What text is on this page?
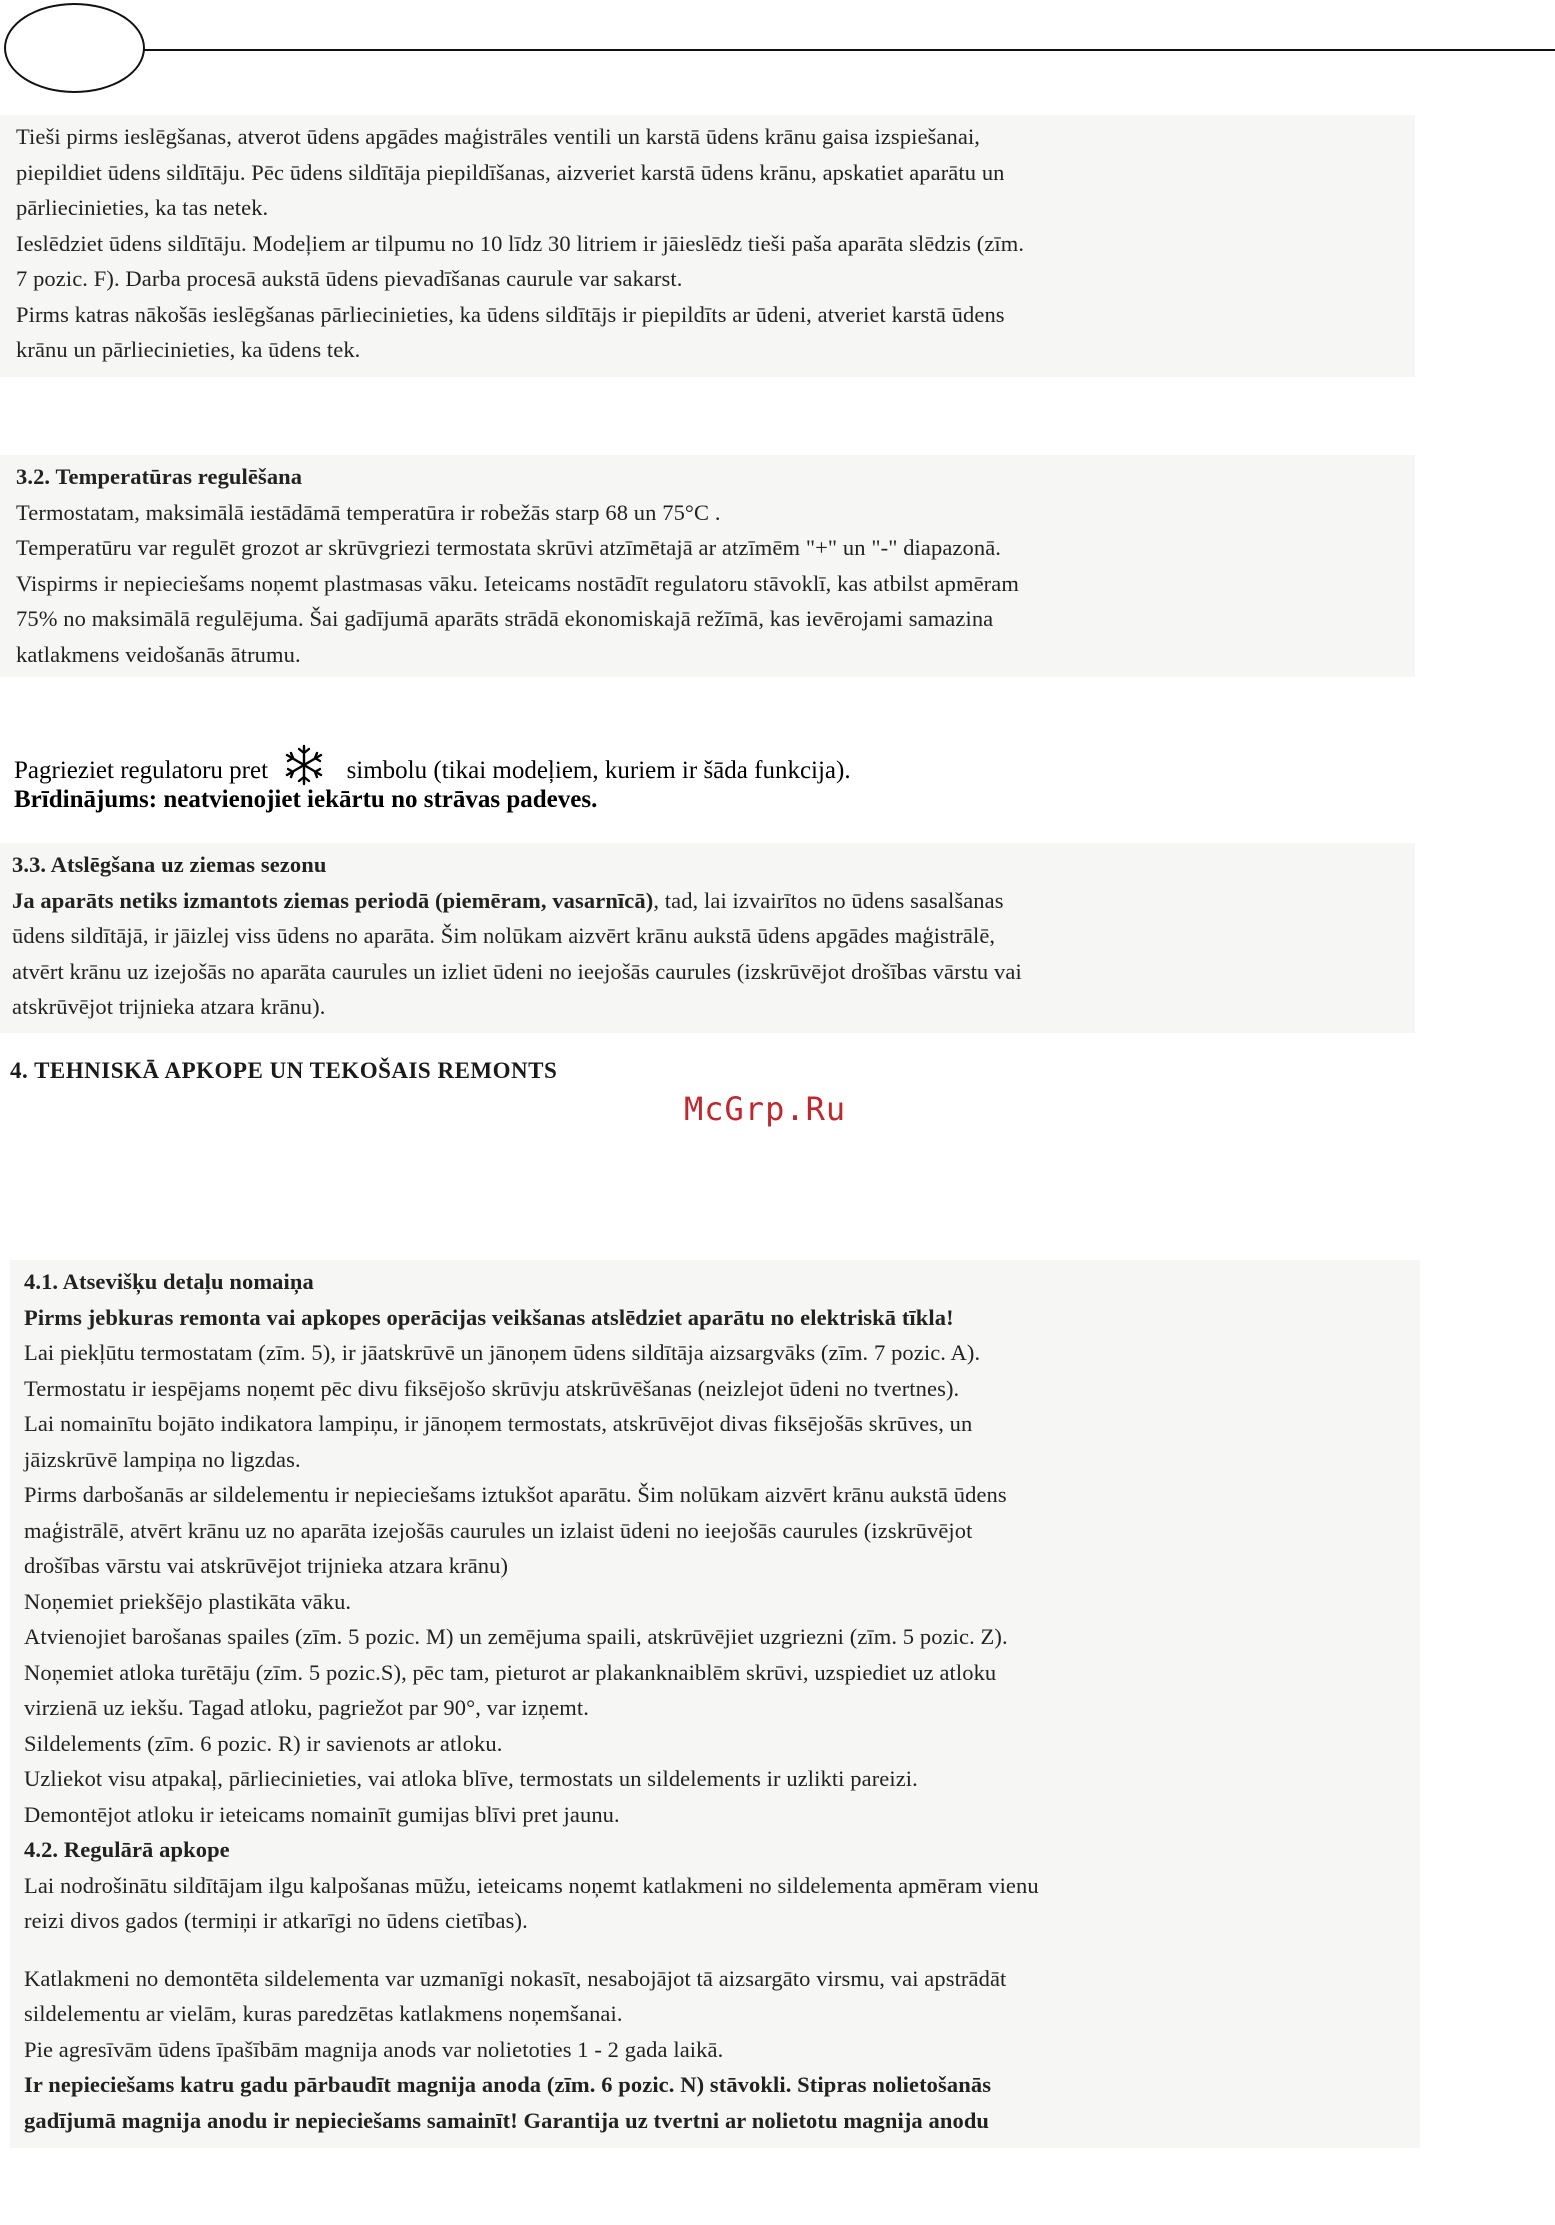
Tieši pirms ieslēgšanas, atverot ūdens apgādes maģistrāles ventili un karstā ūdens krānu gaisa izspiešanai,

piepildiet ūdens sildītāju. Pēc ūdens sildītāja piepildīšanas, aizveriet karstā ūdens krānu, apskatiet aparātu un

pārliecinieties, ka tas netek.

Ieslēdziet ūdens sildītāju. Modeļiem ar tilpumu no 10 līdz 30 litriem ir jāieslēdz tieši paša aparāta slēdzis (zīm.

7 pozic. F). Darba procesā aukstā ūdens pievadīšanas caurule var sakarst.

Pirms katras nākošās ieslēgšanas pārliecinieties, ka ūdens sildītājs ir piepildīts ar ūdeni, atveriet karstā ūdens

krānu un pārliecinieties, ka ūdens tek.

3.2. Temperatūras regulēšana

Termostatam, maksimālā iestādāmā temperatūra ir robežās starp 68 un 75°C .

Temperatūru var regulēt grozot ar skrūvgriezi termostata skrūvi atzīmētajā ar atzīmēm "+" un "-" diapazonā.

Vispirms ir nepieciešams noņemt plastmasas vāku. Ieteicams nostādīt regulatoru stāvoklī, kas atbilst apmēram

75% no maksimālā regulējuma. Šai gadījumā aparāts strādā ekonomiskajā režīmā, kas ievērojami samazina

katlakmens veidošanās ātrumu.

Pagrieziet regulatoru pret	simbolu (tikai modeļiem, kuriem ir šāda funkcija).

Brīdinājums: neatvienojiet iekārtu no strāvas padeves.

3.3. Atslēgšana uz ziemas sezonu

Ja aparāts netiks izmantots ziemas periodā (piemēram, vasarnīcā), tad, lai izvairītos no ūdens sasalšanas

ūdens sildītājā, ir jāizlej viss ūdens no aparāta. Šim nolūkam aizvērt krānu aukstā ūdens apgādes maģistrālē,

atvērt krānu uz izejošās no aparāta caurules un izliet ūdeni no ieejošās caurules (izskrūvējot drošības vārstu vai

atskrūvējot trijnieka atzara krānu).

4. TEHNISKĀ APKOPE UN TEKOŠAIS REMONTS
McGrp.Ru

4.1. Atsevišķu detaļu nomaiņa

Pirms jebkuras remonta vai apkopes operācijas veikšanas atslēdziet aparātu no elektriskā tīkla!

Lai piekļūtu termostatam (zīm. 5), ir jāatskrūvē un jānoņem ūdens sildītāja aizsargvāks (zīm. 7 pozic. A).

Termostatu ir iespējams noņemt pēc divu fiksējošo skrūvju atskrūvēšanas (neizlejot ūdeni no tvertnes).

Lai nomainītu bojāto indikatora lampiņu, ir jānoņem termostats, atskrūvējot divas fiksējošās skrūves, un

jāizskrūvē lampiņa no ligzdas.

Pirms darbošanās ar sildelementu ir nepieciešams iztukšot aparātu. Šim nolūkam aizvērt krānu aukstā ūdens

maģistrālē, atvērt krānu uz no aparāta izejošās caurules un izlaist ūdeni no ieejošās caurules (izskrūvējot

drošības vārstu vai atskrūvējot trijnieka atzara krānu)

Noņemiet priekšējo plastikāta vāku.

Atvienojiet barošanas spailes (zīm. 5 pozic. M) un zemējuma spaili, atskrūvējiet uzgriezni (zīm. 5 pozic. Z).

Noņemiet atloka turētāju (zīm. 5 pozic.S), pēc tam, pieturot ar plakanknaiblēm skrūvi, uzspiediet uz atloku

virzienā uz iekšu. Tagad atloku, pagriežot par 90°, var izņemt.

Sildelements (zīm. 6 pozic. R) ir savienots ar atloku.

Uzliekot visu atpakaļ, pārliecinieties, vai atloka blīve, termostats un sildelements ir uzlikti pareizi.

Demontējot atloku ir ieteicams nomainīt gumijas blīvi pret jaunu.

4.2. Regulārā apkope

Lai nodrošinātu sildītājam ilgu kalpošanas mūžu, ieteicams noņemt katlakmeni no sildelementa apmēram vienu

reizi divos gados (termiņi ir atkarīgi no ūdens cietības).

Katlakmeni no demontēta sildelementa var uzmanīgi nokasīt, nesabojājot tā aizsargāto virsmu, vai apstrādāt

sildelementu ar vielām, kuras paredzētas katlakmens noņemšanai.

Pie agresīvām ūdens īpašībām magnija anods var nolietoties 1 - 2 gada laikā.

Ir nepieciešams katru gadu pārbaudīt magnija anoda (zīm. 6 pozic. N) stāvokli. Stipras nolietošanās

gadījumā magnija anodu ir nepieciešams samainīt! Garantija uz tvertni ar nolietotu magnija anodu
